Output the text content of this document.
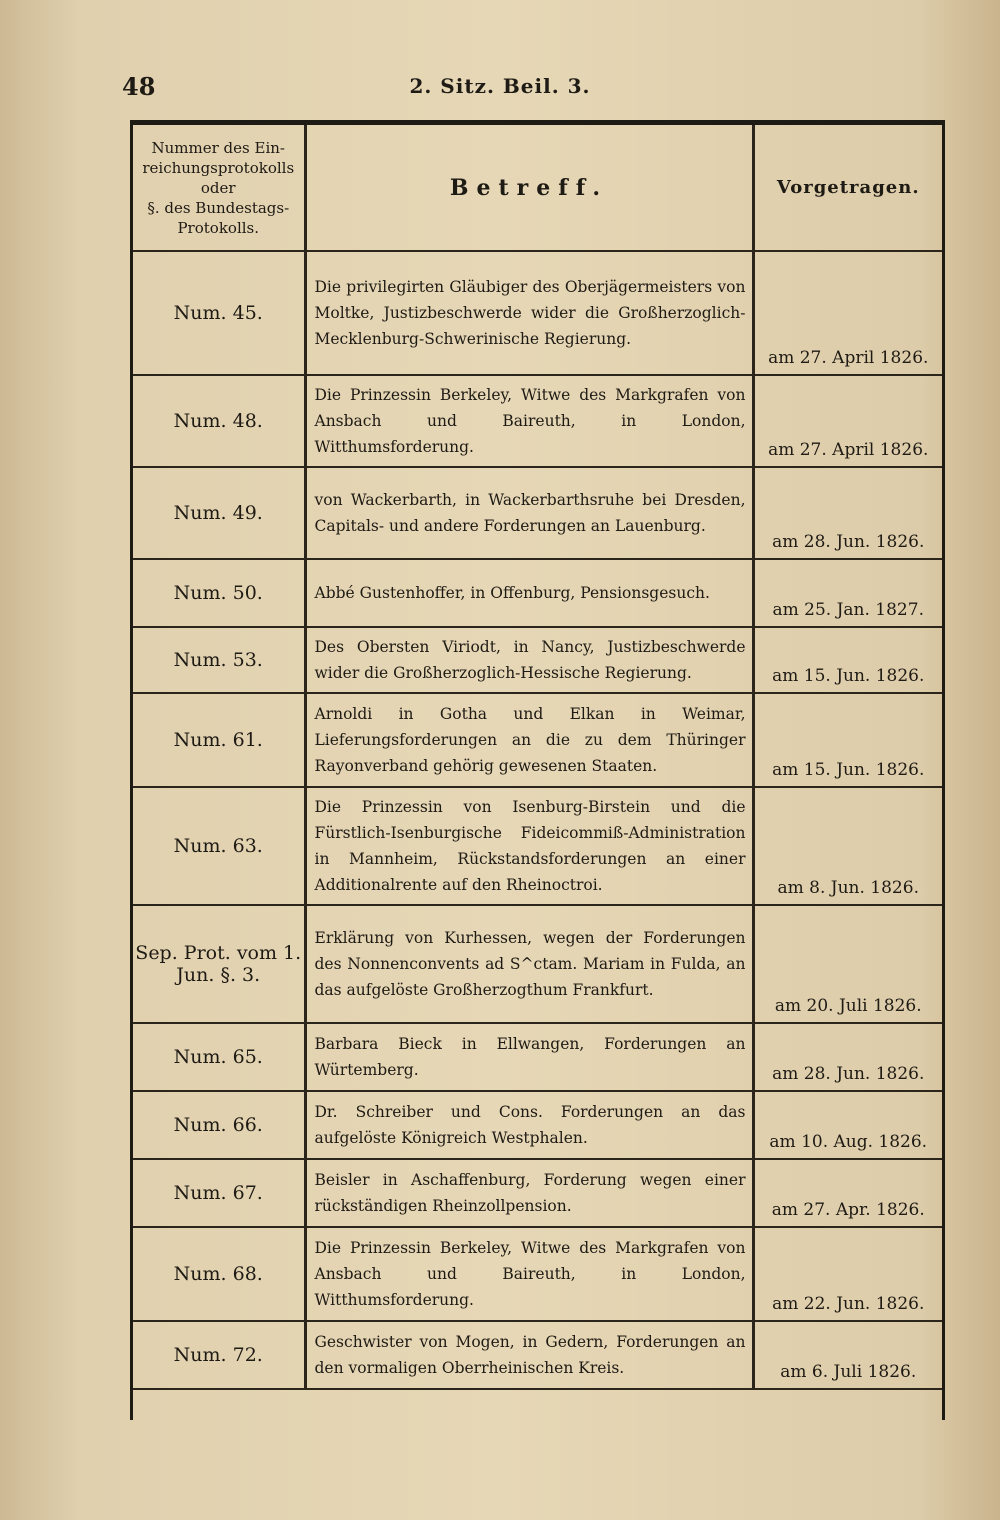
48	2. Sitz. Beil. 3.
Nummer des Ein-
reichungsprotokolls
oder
§. des Bundestags-
Protokolls.	Betreff.	Vorgetragen.
Num. 45.	Die privilegirten Gläubiger des Oberjägermeisters von Moltke, Justizbeschwerde wider die Großherzoglich-Mecklenburg-Schwerinische Regierung.	am 27. April 1826.
Num. 48.	Die Prinzessin Berkeley, Witwe des Markgrafen von Ansbach und Baireuth, in London, Witthumsforderung.	am 27. April 1826.
Num. 49.	von Wackerbarth, in Wackerbarthsruhe bei Dresden, Capitals- und andere Forderungen an Lauenburg.	am 28. Jun. 1826.
Num. 50.	Abbé Gustenhoffer, in Offenburg, Pensionsgesuch.	am 25. Jan. 1827.
Num. 53.	Des Obersten Viriodt, in Nancy, Justizbeschwerde wider die Großherzoglich-Hessische Regierung.	am 15. Jun. 1826.
Num. 61.	Arnoldi in Gotha und Elkan in Weimar, Lieferungsforderungen an die zu dem Thüringer Rayonverband gehörig gewesenen Staaten.	am 15. Jun. 1826.
Num. 63.	Die Prinzessin von Isenburg-Birstein und die Fürstlich-Isenburgische Fideicommiß-Administration in Mannheim, Rückstandsforderungen an einer Additionalrente auf den Rheinoctroi.	am 8. Jun. 1826.
Sep. Prot. vom 1. Jun. §. 3.	Erklärung von Kurhessen, wegen der Forderungen des Nonnenconvents ad S^ctam. Mariam in Fulda, an das aufgelöste Großherzogthum Frankfurt.	am 20. Juli 1826.
Num. 65.	Barbara Bieck in Ellwangen, Forderungen an Würtemberg.	am 28. Jun. 1826.
Num. 66.	Dr. Schreiber und Cons. Forderungen an das aufgelöste Königreich Westphalen.	am 10. Aug. 1826.
Num. 67.	Beisler in Aschaffenburg, Forderung wegen einer rückständigen Rheinzollpension.	am 27. Apr. 1826.
Num. 68.	Die Prinzessin Berkeley, Witwe des Markgrafen von Ansbach und Baireuth, in London, Witthumsforderung.	am 22. Jun. 1826.
Num. 72.	Geschwister von Mogen, in Gedern, Forderungen an den vormaligen Oberrheinischen Kreis.	am 6. Juli 1826.
